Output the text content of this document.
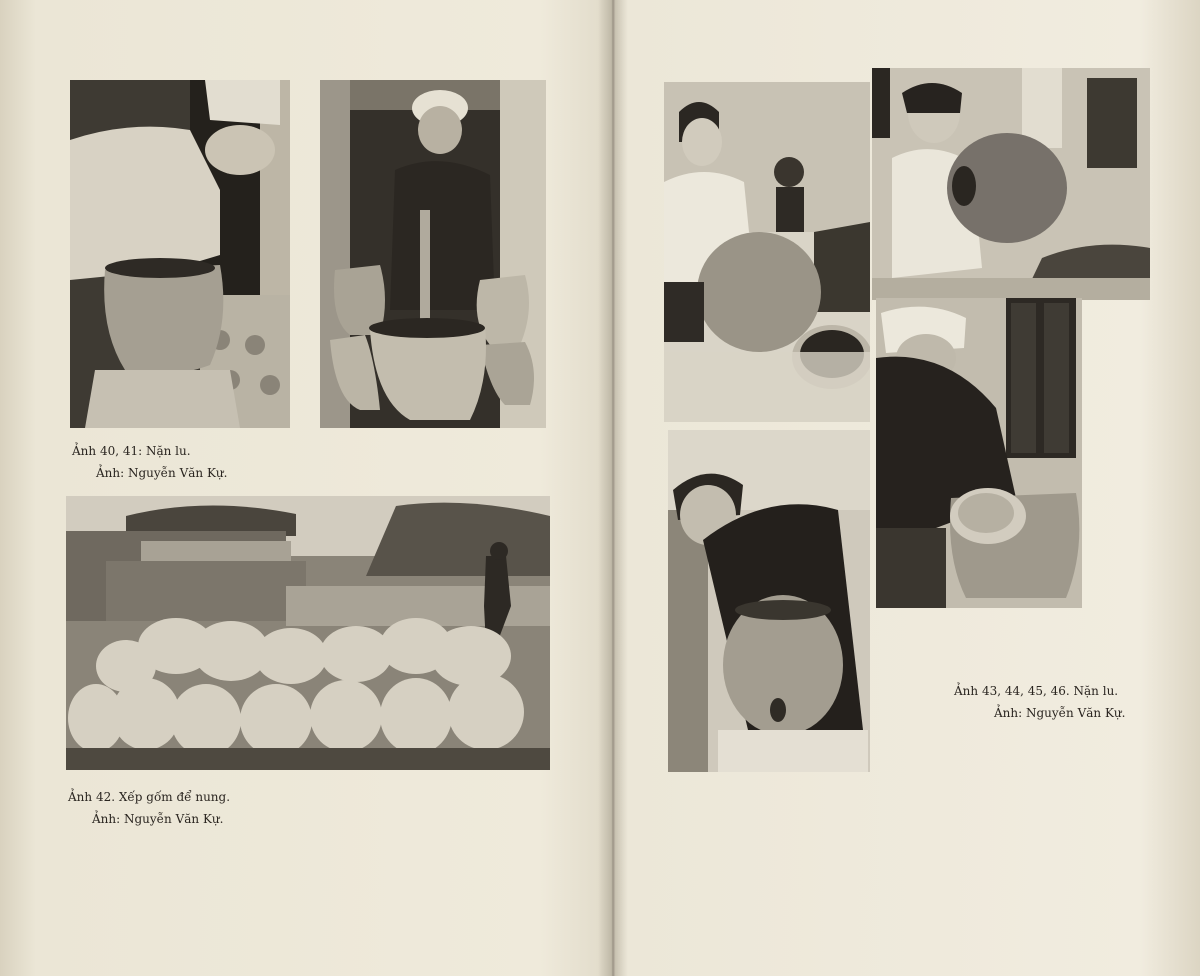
Ảnh 40, 41: Nặn lu.
Ảnh: Nguyễn Văn Kự.
Ảnh 42. Xếp gốm để nung.
Ảnh: Nguyễn Văn Kự.
Ảnh 43, 44, 45, 46. Nặn lu.
Ảnh: Nguyễn Văn Kự.
